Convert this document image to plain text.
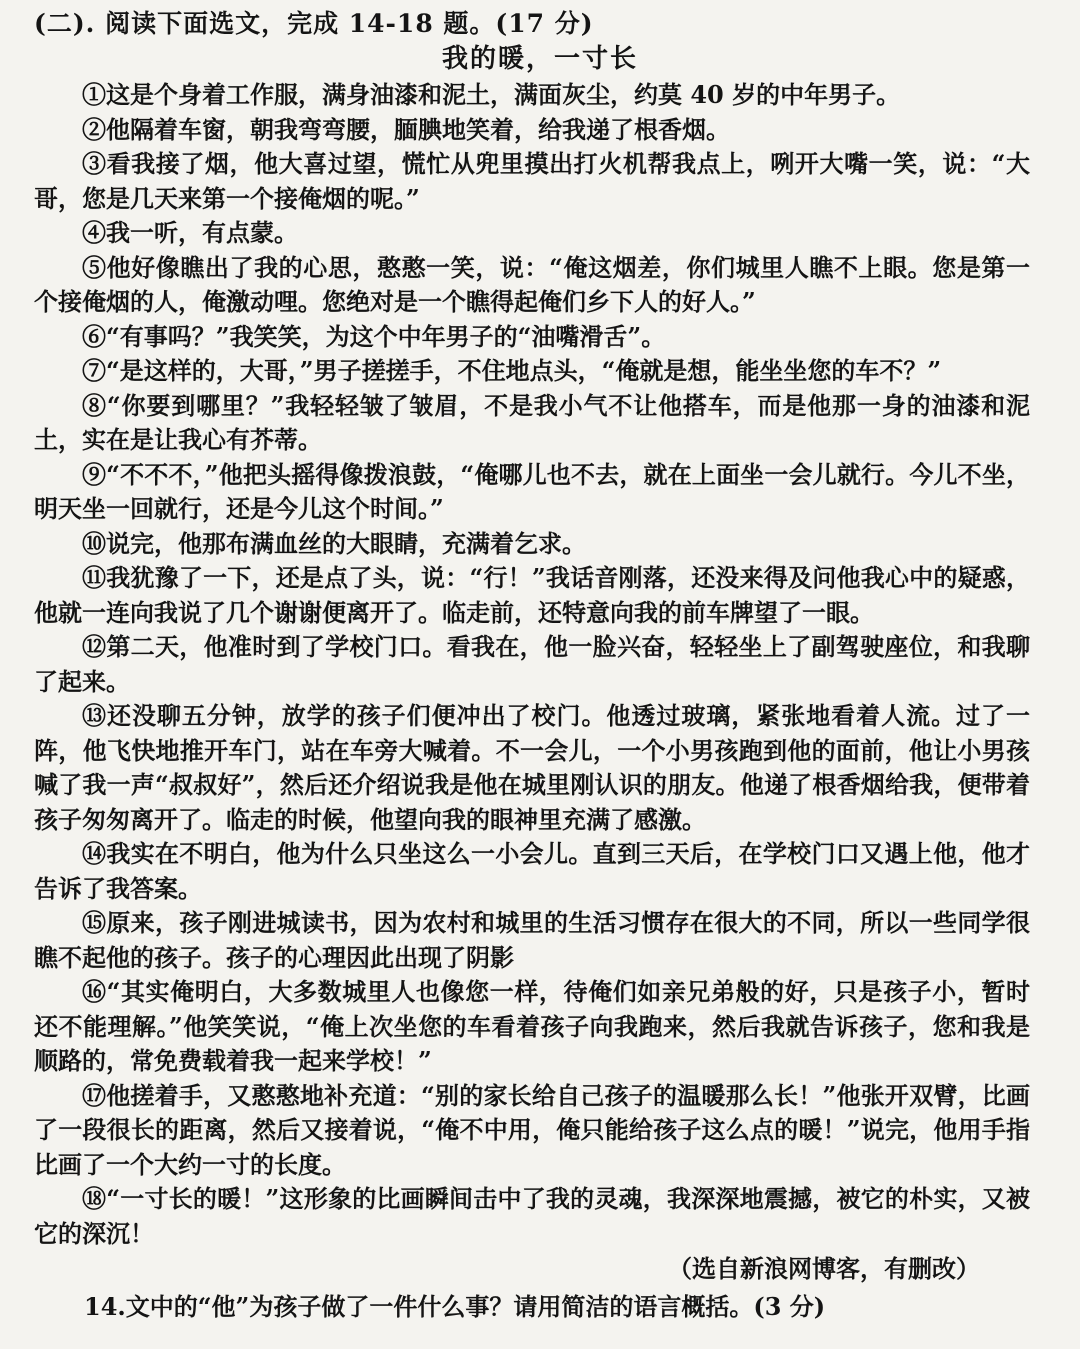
(二). 阅读下面选文，完成 14-18 题。(17 分)
我的暖，一寸长

①这是个身着工作服，满身油漆和泥土，满面灰尘，约莫 40 岁的中年男子。

②他隔着车窗，朝我弯弯腰，腼腆地笑着，给我递了根香烟。

③看我接了烟，他大喜过望，慌忙从兜里摸出打火机帮我点上，咧开大嘴一笑，说：“大哥，您是几天来第一个接俺烟的呢。”

④我一听，有点蒙。

⑤他好像瞧出了我的心思，憨憨一笑，说：“俺这烟差，你们城里人瞧不上眼。您是第一个接俺烟的人，俺激动哩。您绝对是一个瞧得起俺们乡下人的好人。”

⑥“有事吗？”我笑笑，为这个中年男子的“油嘴滑舌”。

⑦“是这样的，大哥，”男子搓搓手，不住地点头，“俺就是想，能坐坐您的车不？”

⑧“你要到哪里？”我轻轻皱了皱眉，不是我小气不让他搭车，而是他那一身的油漆和泥土，实在是让我心有芥蒂。

⑨“不不不，”他把头摇得像拨浪鼓，“俺哪儿也不去，就在上面坐一会儿就行。今儿不坐，明天坐一回就行，还是今儿这个时间。”

⑩说完，他那布满血丝的大眼睛，充满着乞求。

⑪我犹豫了一下，还是点了头，说：“行！”我话音刚落，还没来得及问他我心中的疑惑，他就一连向我说了几个谢谢便离开了。临走前，还特意向我的前车牌望了一眼。

⑫第二天，他准时到了学校门口。看我在，他一脸兴奋，轻轻坐上了副驾驶座位，和我聊了起来。

⑬还没聊五分钟，放学的孩子们便冲出了校门。他透过玻璃，紧张地看着人流。过了一阵，他飞快地推开车门，站在车旁大喊着。不一会儿，一个小男孩跑到他的面前，他让小男孩喊了我一声“叔叔好”，然后还介绍说我是他在城里刚认识的朋友。他递了根香烟给我，便带着孩子匆匆离开了。临走的时候，他望向我的眼神里充满了感激。

⑭我实在不明白，他为什么只坐这么一小会儿。直到三天后，在学校门口又遇上他，他才告诉了我答案。

⑮原来，孩子刚进城读书，因为农村和城里的生活习惯存在很大的不同，所以一些同学很瞧不起他的孩子。孩子的心理因此出现了阴影

⑯“其实俺明白，大多数城里人也像您一样，待俺们如亲兄弟般的好，只是孩子小，暂时还不能理解。”他笑笑说，“俺上次坐您的车看着孩子向我跑来，然后我就告诉孩子，您和我是顺路的，常免费载着我一起来学校！”

⑰他搓着手，又憨憨地补充道：“别的家长给自己孩子的温暖那么长！”他张开双臂，比画了一段很长的距离，然后又接着说，“俺不中用，俺只能给孩子这么点的暖！”说完，他用手指比画了一个大约一寸的长度。

⑱“一寸长的暖！”这形象的比画瞬间击中了我的灵魂，我深深地震撼，被它的朴实，又被它的深沉！

（选自新浪网博客，有删改）
14.文中的“他”为孩子做了一件什么事？请用简洁的语言概括。(3 分)
